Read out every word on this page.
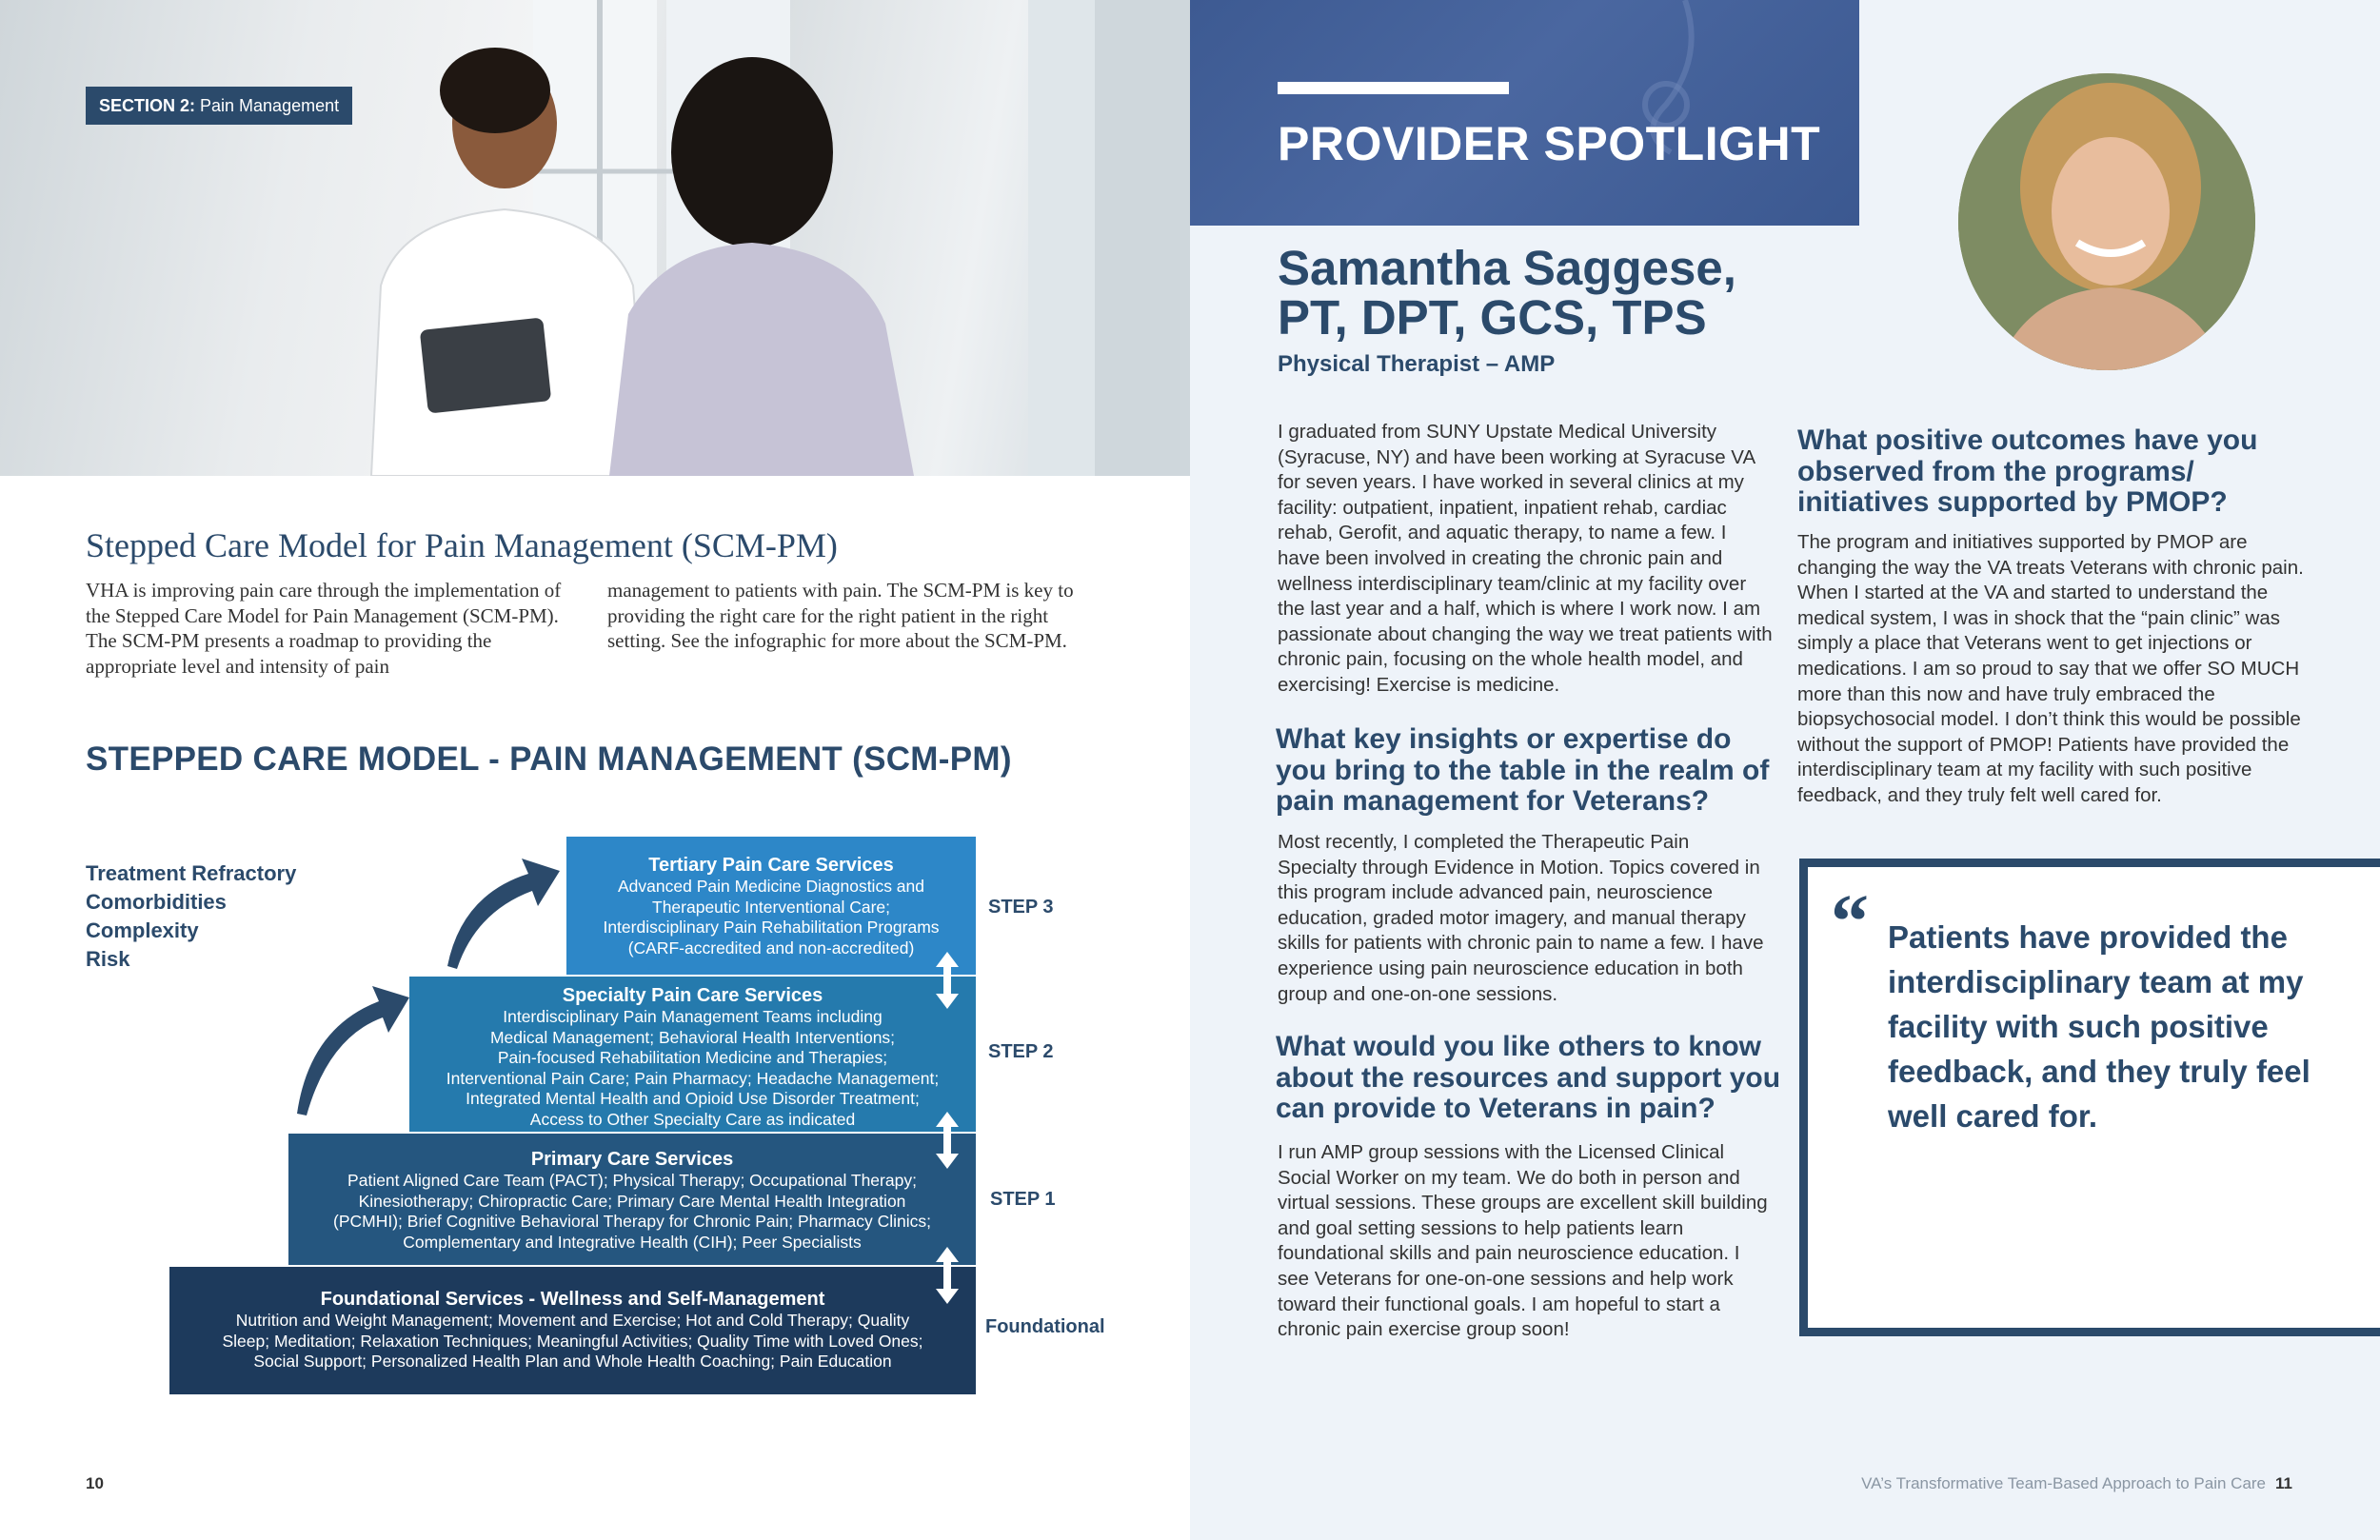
SECTION 2: Pain Management
Stepped Care Model for Pain Management (SCM-PM)
VHA is improving pain care through the implementation of the Stepped Care Model for Pain Management (SCM-PM). The SCM-PM presents a roadmap to providing the appropriate level and intensity of pain
management to patients with pain. The SCM-PM is key to providing the right care for the right patient in the right setting. See the infographic for more about the SCM-PM.
STEPPED CARE MODEL - PAIN MANAGEMENT (SCM-PM)
Treatment Refractory
Comorbidities
Complexity
Risk
Tertiary Pain Care Services
Advanced Pain Medicine Diagnostics and
Therapeutic Interventional Care;
Interdisciplinary Pain Rehabilitation Programs
(CARF-accredited and non-accredited)
Specialty Pain Care Services
Interdisciplinary Pain Management Teams including
Medical Management; Behavioral Health Interventions;
Pain-focused Rehabilitation Medicine and Therapies;
Interventional Pain Care; Pain Pharmacy; Headache Management;
Integrated Mental Health and Opioid Use Disorder Treatment;
Access to Other Specialty Care as indicated
Primary Care Services
Patient Aligned Care Team (PACT); Physical Therapy; Occupational Therapy;
Kinesiotherapy; Chiropractic Care; Primary Care Mental Health Integration
(PCMHI); Brief Cognitive Behavioral Therapy for Chronic Pain; Pharmacy Clinics;
Complementary and Integrative Health (CIH); Peer Specialists
Foundational Services - Wellness and Self-Management
Nutrition and Weight Management; Movement and Exercise; Hot and Cold Therapy; Quality
Sleep; Meditation; Relaxation Techniques; Meaningful Activities; Quality Time with Loved Ones;
Social Support; Personalized Health Plan and Whole Health Coaching; Pain Education
STEP 3
STEP 2
STEP 1
Foundational
10
PROVIDER SPOTLIGHT
Samantha Saggese,
PT, DPT, GCS, TPS
Physical Therapist – AMP
I graduated from SUNY Upstate Medical University (Syracuse, NY) and have been working at Syracuse VA for seven years. I have worked in several clinics at my facility: outpatient, inpatient, inpatient rehab, cardiac rehab, Gerofit, and aquatic therapy, to name a few. I have been involved in creating the chronic pain and wellness interdisciplinary team/clinic at my facility over the last year and a half, which is where I work now. I am passionate about changing the way we treat patients with chronic pain, focusing on the whole health model, and exercising! Exercise is medicine.
What key insights or expertise do you bring to the table in the realm of pain management for Veterans?
Most recently, I completed the Therapeutic Pain Specialty through Evidence in Motion. Topics covered in this program include advanced pain, neuroscience education, graded motor imagery, and manual therapy skills for patients with chronic pain to name a few. I have experience using pain neuroscience education in both group and one-on-one sessions.
What would you like others to know about the resources and support you can provide to Veterans in pain?
I run AMP group sessions with the Licensed Clinical Social Worker on my team. We do both in person and virtual sessions. These groups are excellent skill building and goal setting sessions to help patients learn foundational skills and pain neuroscience education. I see Veterans for one-on-one sessions and help work toward their functional goals. I am hopeful to start a chronic pain exercise group soon!
What positive outcomes have you observed from the programs/ initiatives supported by PMOP?
The program and initiatives supported by PMOP are changing the way the VA treats Veterans with chronic pain. When I started at the VA and started to understand the medical system, I was in shock that the “pain clinic” was simply a place that Veterans went to get injections or medications. I am so proud to say that we offer SO MUCH more than this now and have truly embraced the biopsychosocial model. I don’t think this would be possible without the support of PMOP! Patients have provided the interdisciplinary team at my facility with such positive feedback, and they truly felt well cared for.
“ Patients have provided the interdisciplinary team at my facility with such positive feedback, and they truly feel well cared for.
VA’s Transformative Team-Based Approach to Pain Care 11
